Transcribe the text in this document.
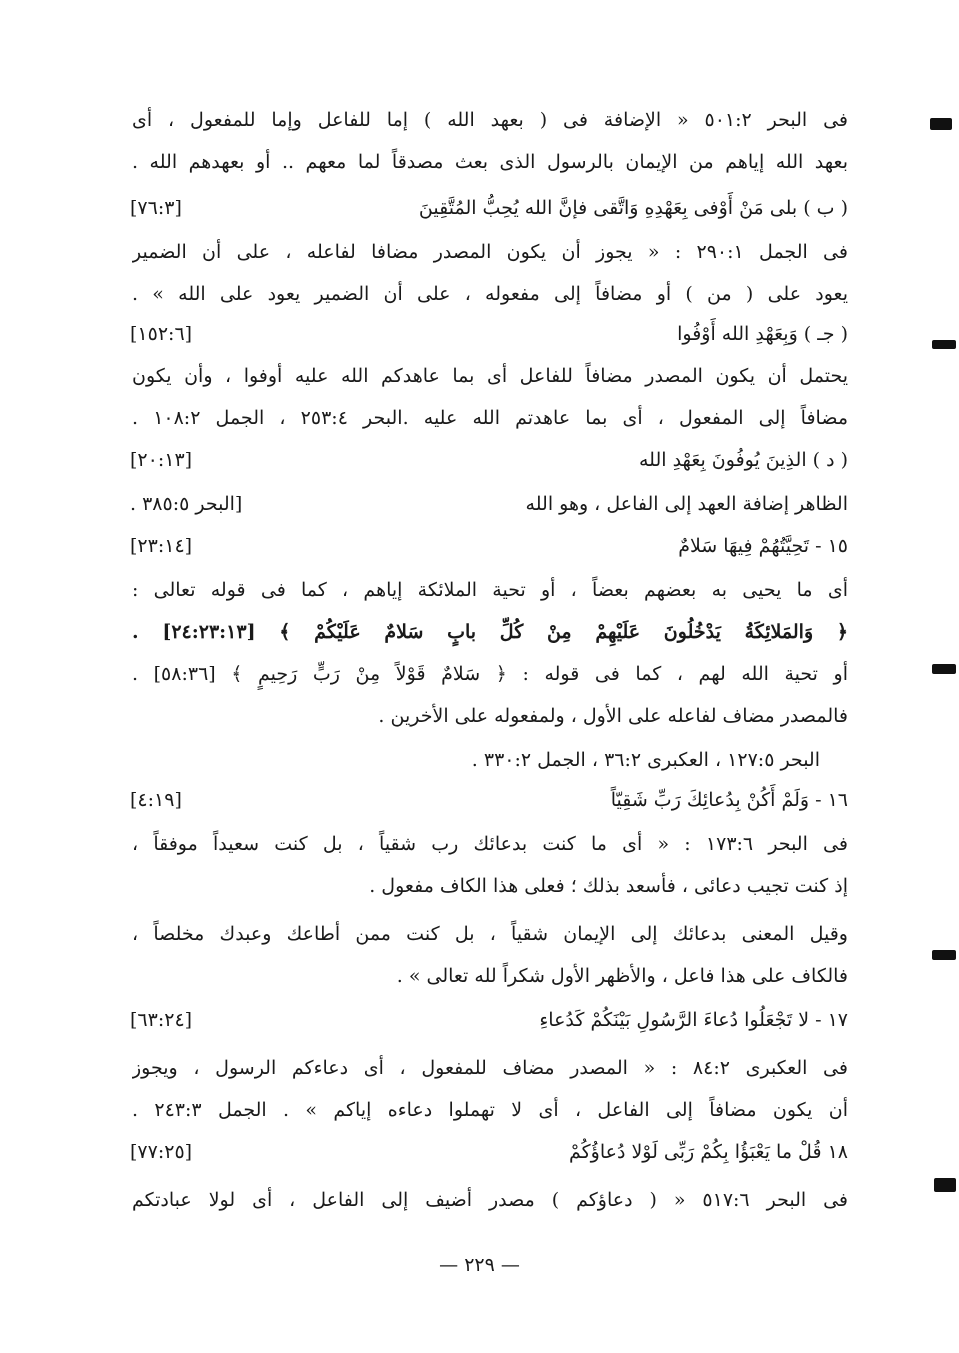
فى البحر ٥٠١:٢ « الإضافة فى ( بعهد الله ) إما للفاعل وإما للمفعول ، أى
بعهد الله إياهم من الإيمان بالرسول الذى بعث مصدقاً لما معهم .. أو بعهدهم الله .
( ب ) بلى مَنْ أَوْفى بِعَهْدِهِ وَاتَّقى فإنَّ الله يُحِبُّ المُتَّقِينَ
[٧٦:٣]
فى الجمل ٢٩٠:١ : « يجوز أن يكون المصدر مضافا لفاعله ، على أن الضمير
يعود على ( من ) أو مضافاً إلى مفعوله ، على أن الضمير يعود على الله » .
( جـ ) وَبِعَهْدِ الله أَوْفُوا
[١٥٢:٦]
يحتمل أن يكون المصدر مضافاً للفاعل أى بما عاهدكم الله عليه أوفوا ، وأن يكون
مضافاً إلى المفعول ، أى بما عاهدتم الله عليه .البحر ٢٥٣:٤ ، الجمل ١٠٨:٢ .
( د ) الذِينَ يُوفُونَ بِعَهْدِ الله
[٢٠:١٣]
الظاهر إضافة العهد إلى الفاعل ، وهو الله
[البحر ٣٨٥:٥ .
١٥ - تَحِيَّتُهُمْ فِيهَا سَلامٌ
[٢٣:١٤]
أى ما يحيى به بعضهم بعضاً ، أو تحية الملائكة إياهم ، كما فى قوله تعالى :
﴿ وَالمَلائِكَةُ يَدْخُلُونَ عَلَيْهِمْ مِنْ كُلِّ بابٍ سَلامٌ عَلَيْكُمْ ﴾ [٢٤:٢٣:١٣] .
أو تحية الله لهم ، كما فى قوله : ﴿ سَلامٌ قَوْلاً مِنْ رَبٍّ رَحِيمٍ ﴾ [٥٨:٣٦] .
فالمصدر مضاف لفاعله على الأول ، ولمفعوله على الأخرين .
البحر ١٢٧:٥ ، العكبرى ٣٦:٢ ، الجمل ٣٣٠:٢ .
١٦ - وَلَمْ أَكُنْ بِدُعائِكَ رَبِّ شَقِيّاً
[٤:١٩]
فى البحر ١٧٣:٦ : « أى ما كنت بدعائك رب شقياً ، بل كنت سعيداً موفقاً ،
إذ كنت تجيب دعائى ، فأسعد بذلك ؛ فعلى هذا الكاف مفعول .
وقيل المعنى بدعائك إلى الإيمان شقياً ، بل كنت ممن أطاعك وعبدك مخلصاً ،
فالكاف على هذا فاعل ، والأظهر الأول شكراً لله تعالى » .
١٧ - لا تَجْعَلُوا دُعاءَ الرَّسُولِ بَيْنَكُمْ كَدُعاءِ
[٦٣:٢٤]
فى العكبرى ٨٤:٢ : « المصدر مضاف للمفعول ، أى دعاءكم الرسول ، ويجوز
أن يكون مضافاً إلى الفاعل ، أى لا تهملوا دعاءه إياكم » . الجمل ٢٤٣:٣ .
١٨ قُلْ ما يَعْبَؤُا بِكُمْ رَبِّى لَوْلا دُعاؤُكُمْ
[٧٧:٢٥]
فى البحر ٥١٧:٦ « ( دعاؤكم ) مصدر أضيف إلى الفاعل ، أى لولا عبادتكم
— ٢٢٩ —
